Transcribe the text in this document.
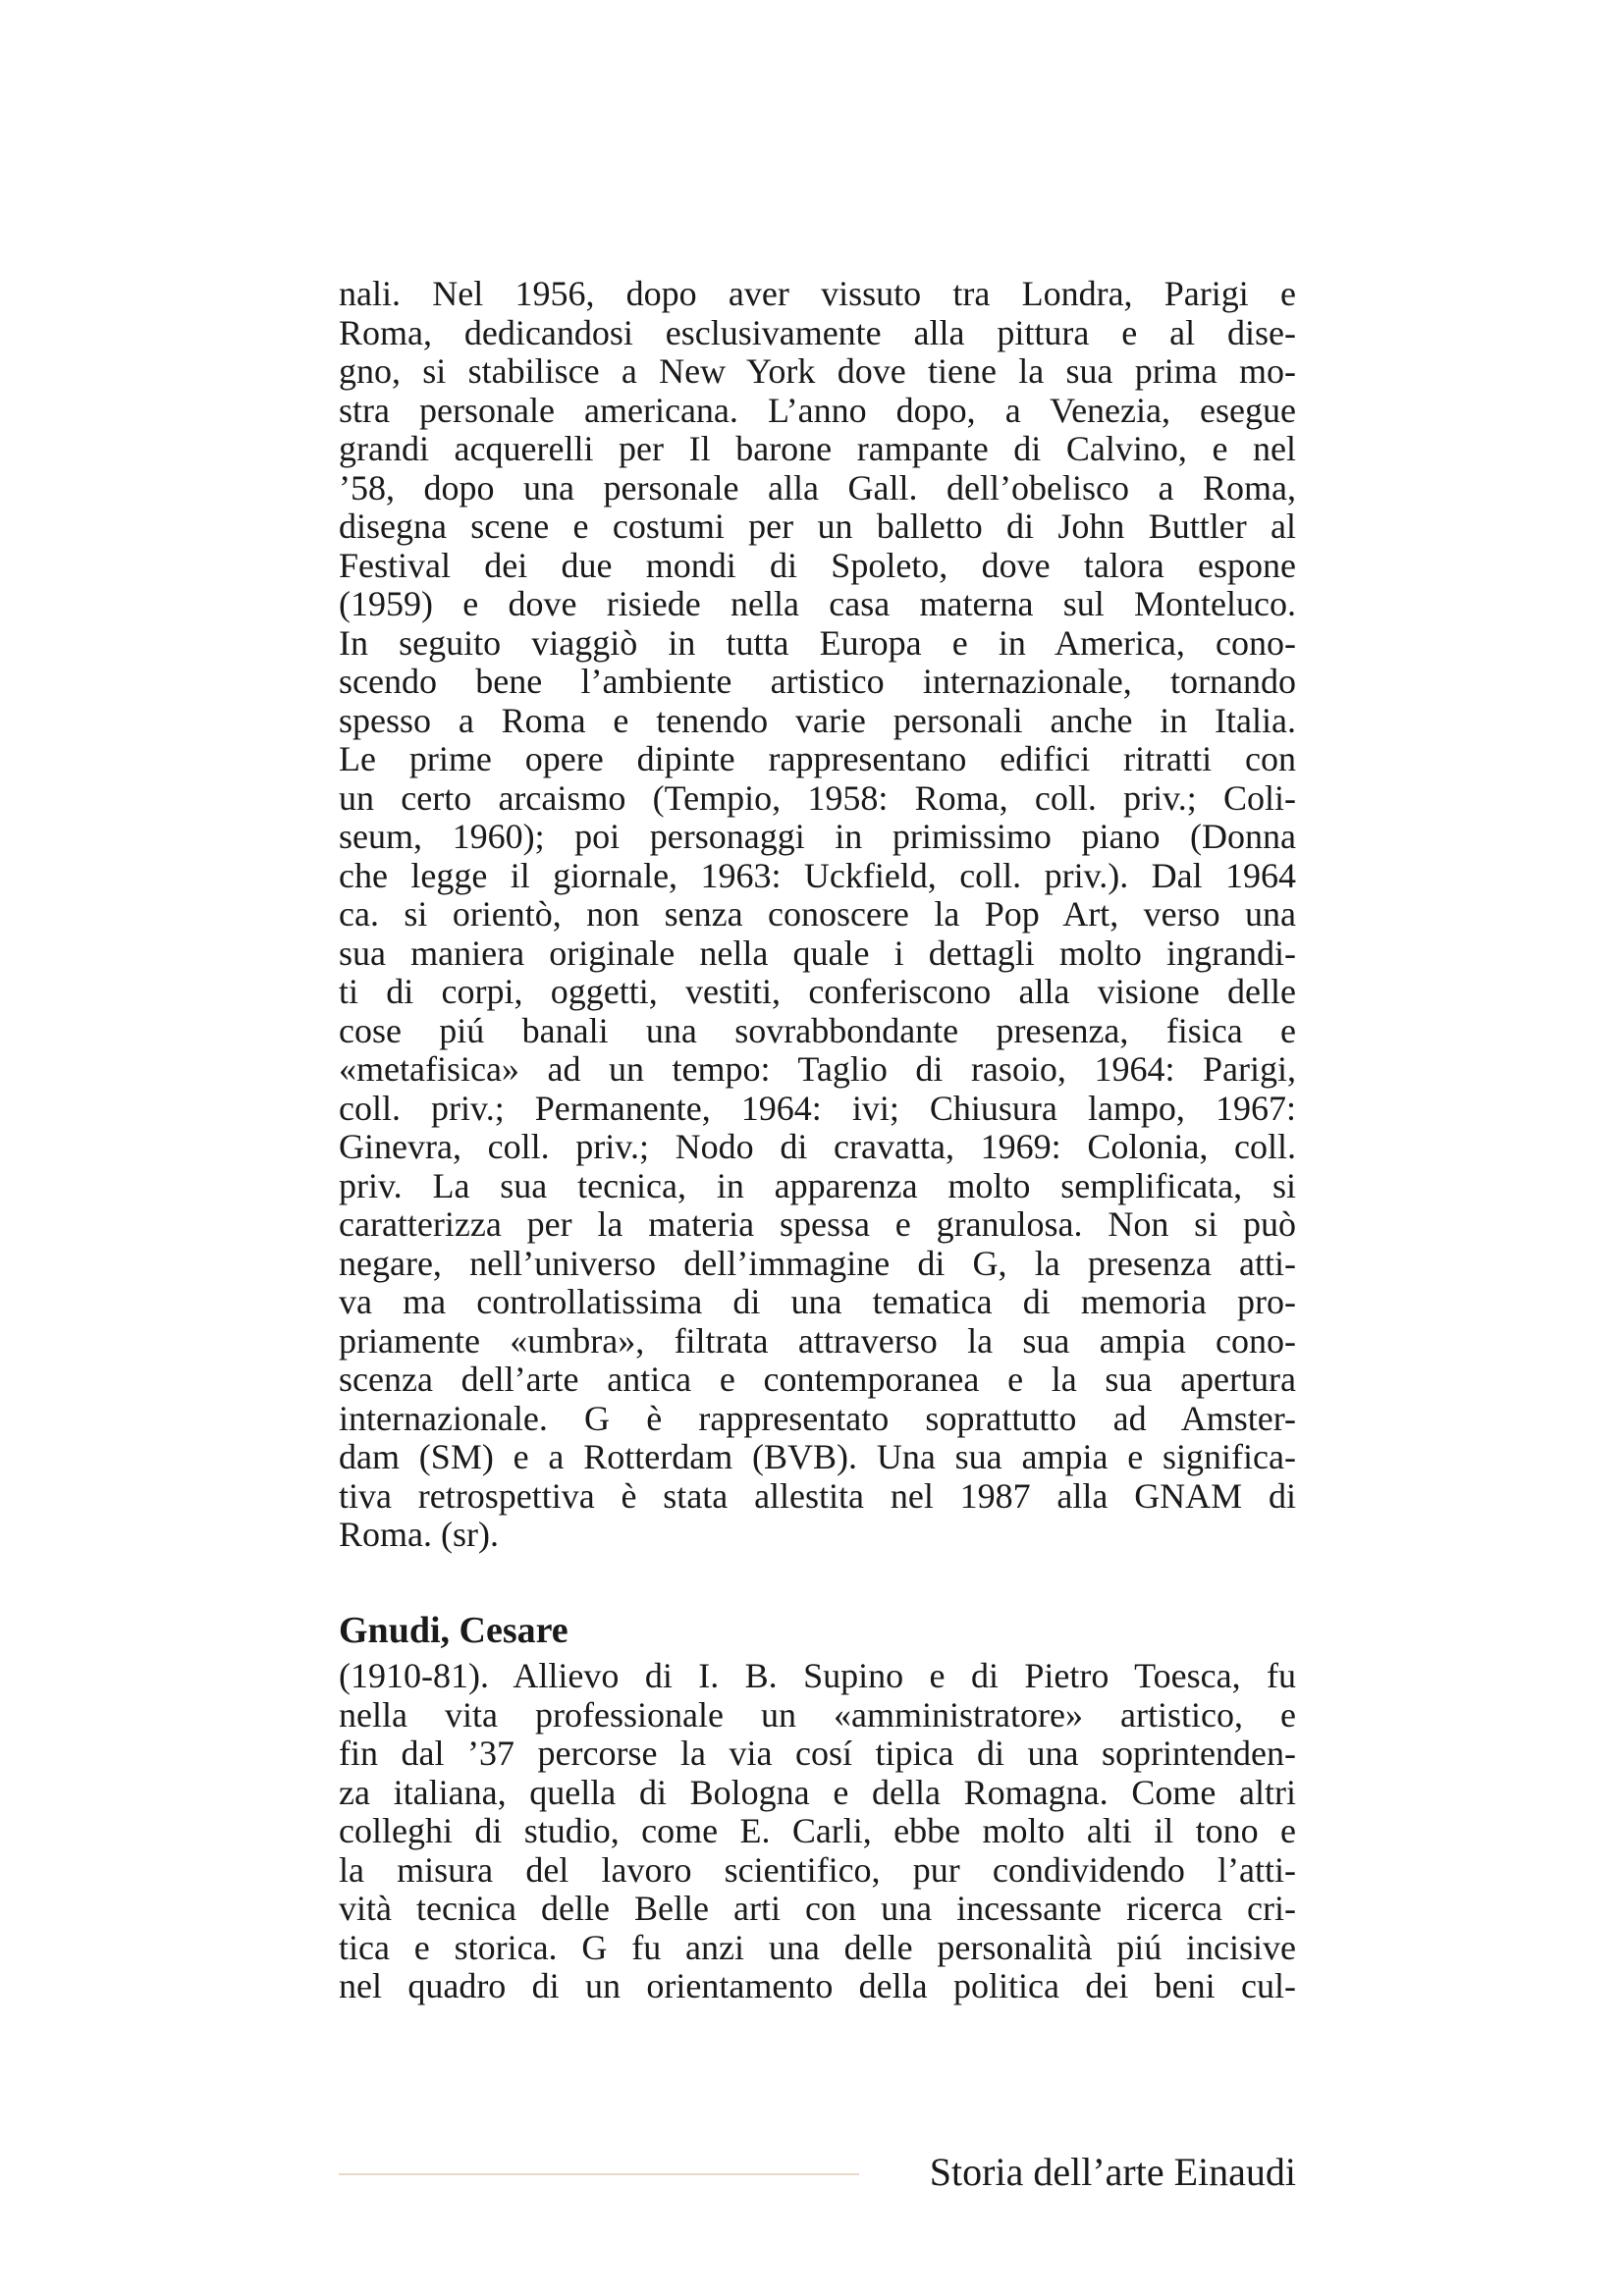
nali. Nel 1956, dopo aver vissuto tra Londra, Parigi e
Roma, dedicandosi esclusivamente alla pittura e al dise-
gno, si stabilisce a New York dove tiene la sua prima mo-
stra personale americana. L’anno dopo, a Venezia, esegue
grandi acquerelli per Il barone rampante di Calvino, e nel
’58, dopo una personale alla Gall. dell’obelisco a Roma,
disegna scene e costumi per un balletto di John Buttler al
Festival dei due mondi di Spoleto, dove talora espone
(1959) e dove risiede nella casa materna sul Monteluco.
In seguito viaggiò in tutta Europa e in America, cono-
scendo bene l’ambiente artistico internazionale, tornando
spesso a Roma e tenendo varie personali anche in Italia.
Le prime opere dipinte rappresentano edifici ritratti con
un certo arcaismo (Tempio, 1958: Roma, coll. priv.; Coli-
seum, 1960); poi personaggi in primissimo piano (Donna
che legge il giornale, 1963: Uckfield, coll. priv.). Dal 1964
ca. si orientò, non senza conoscere la Pop Art, verso una
sua maniera originale nella quale i dettagli molto ingrandi-
ti di corpi, oggetti, vestiti, conferiscono alla visione delle
cose piú banali una sovrabbondante presenza, fisica e
«metafisica» ad un tempo: Taglio di rasoio, 1964: Parigi,
coll. priv.; Permanente, 1964: ivi; Chiusura lampo, 1967:
Ginevra, coll. priv.; Nodo di cravatta, 1969: Colonia, coll.
priv. La sua tecnica, in apparenza molto semplificata, si
caratterizza per la materia spessa e granulosa. Non si può
negare, nell’universo dell’immagine di G, la presenza atti-
va ma controllatissima di una tematica di memoria pro-
priamente «umbra», filtrata attraverso la sua ampia cono-
scenza dell’arte antica e contemporanea e la sua apertura
internazionale. G è rappresentato soprattutto ad Amster-
dam (SM) e a Rotterdam (BVB). Una sua ampia e significa-
tiva retrospettiva è stata allestita nel 1987 alla GNAM di
Roma. (sr).
Gnudi, Cesare
(1910-81). Allievo di I. B. Supino e di Pietro Toesca, fu
nella vita professionale un «amministratore» artistico, e
fin dal ’37 percorse la via cosí tipica di una soprintenden-
za italiana, quella di Bologna e della Romagna. Come altri
colleghi di studio, come E. Carli, ebbe molto alti il tono e
la misura del lavoro scientifico, pur condividendo l’atti-
vità tecnica delle Belle arti con una incessante ricerca cri-
tica e storica. G fu anzi una delle personalità piú incisive
nel quadro di un orientamento della politica dei beni cul-
Storia dell’arte Einaudi
